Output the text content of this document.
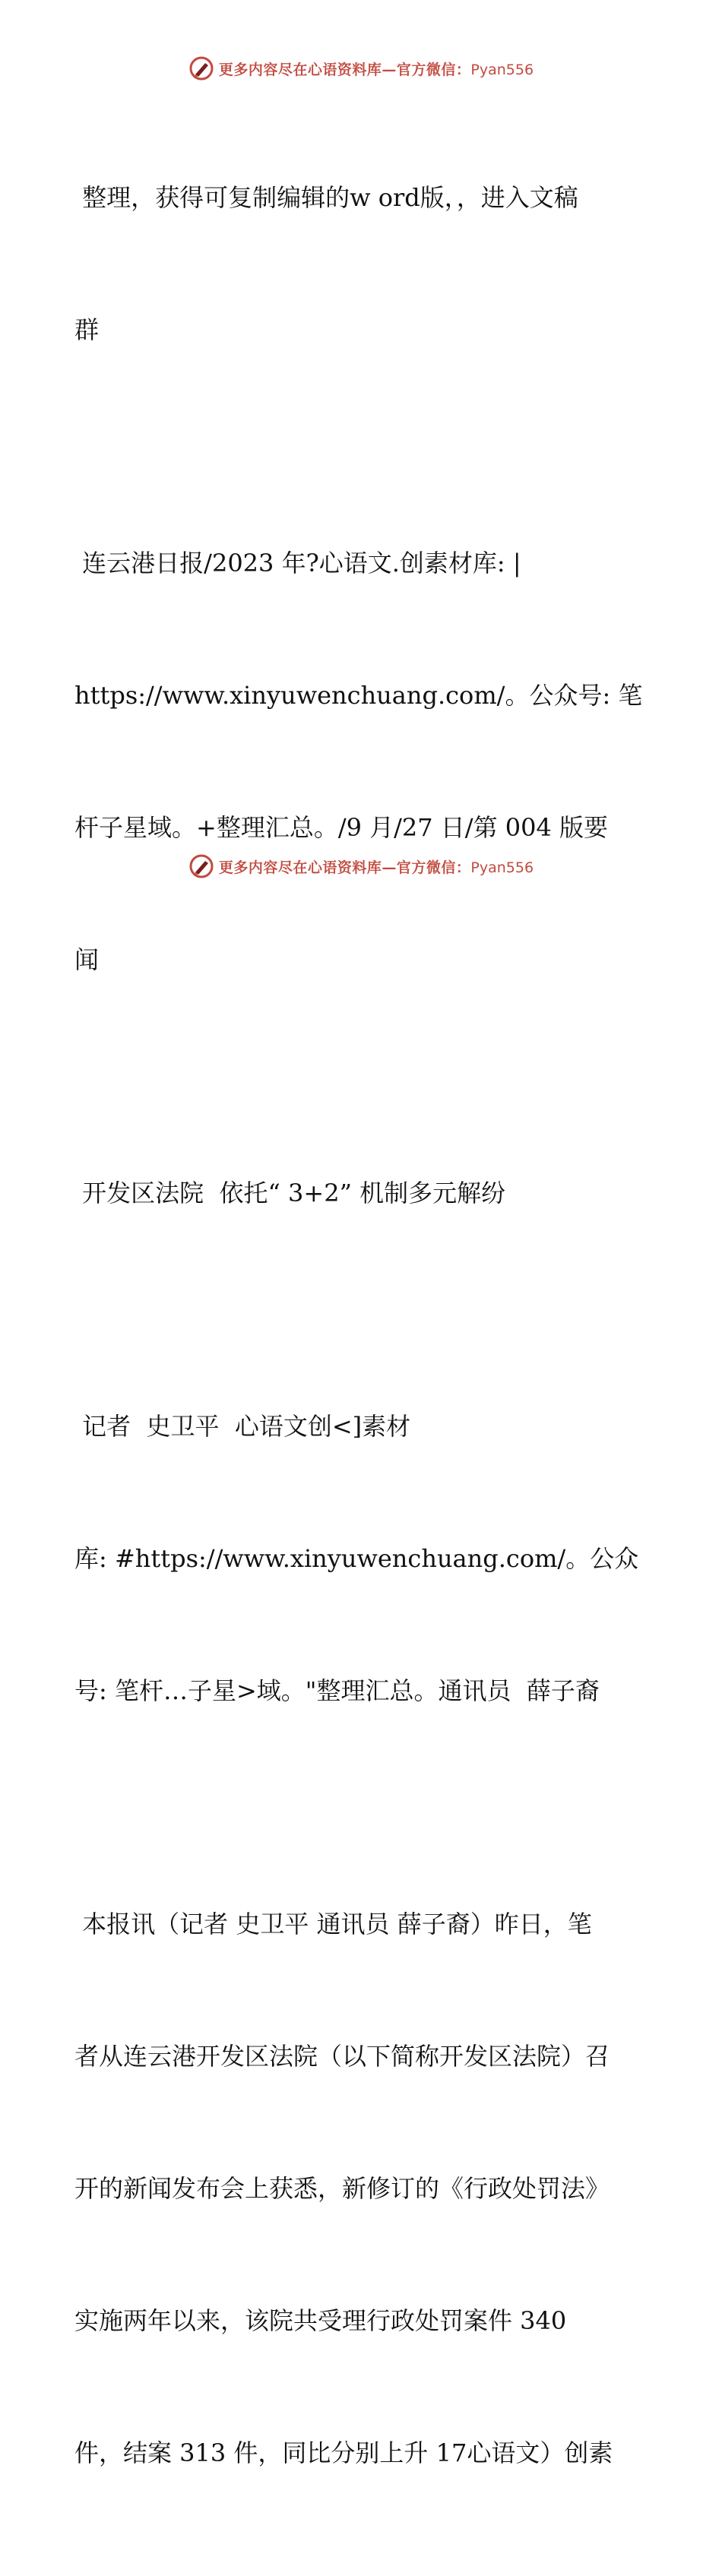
更多内容尽在心语资料库—官方微信：Pyan556

整理，获得可复制编辑的w ord版，，进入文稿

群

连云港日报/2023 年?心语文.创素材库: |

https://www.xinyuwenchuang.com/。公众号: 笔

杆子星域。+整理汇总。/9 月/27 日/第 004 版要

闻

开发区法院  依托“ 3+2” 机制多元解纷

记者  史卫平  心语文创<]素材

库: #https://www.xinyuwenchuang.com/。公众

号: 笔杆…子星>域。"整理汇总。通讯员  薛子裔

本报讯（记者 史卫平 通讯员 薛子裔）昨日，笔

者从连云港开发区法院（以下简称开发区法院）召

开的新闻发布会上获悉，新修订的《行政处罚法》

实施两年以来，该院共受理行政处罚案件 340

件，结案 313 件，同比分别上升 17心语文）创素

更多内容尽在心语资料库—官方微信：Pyan556
